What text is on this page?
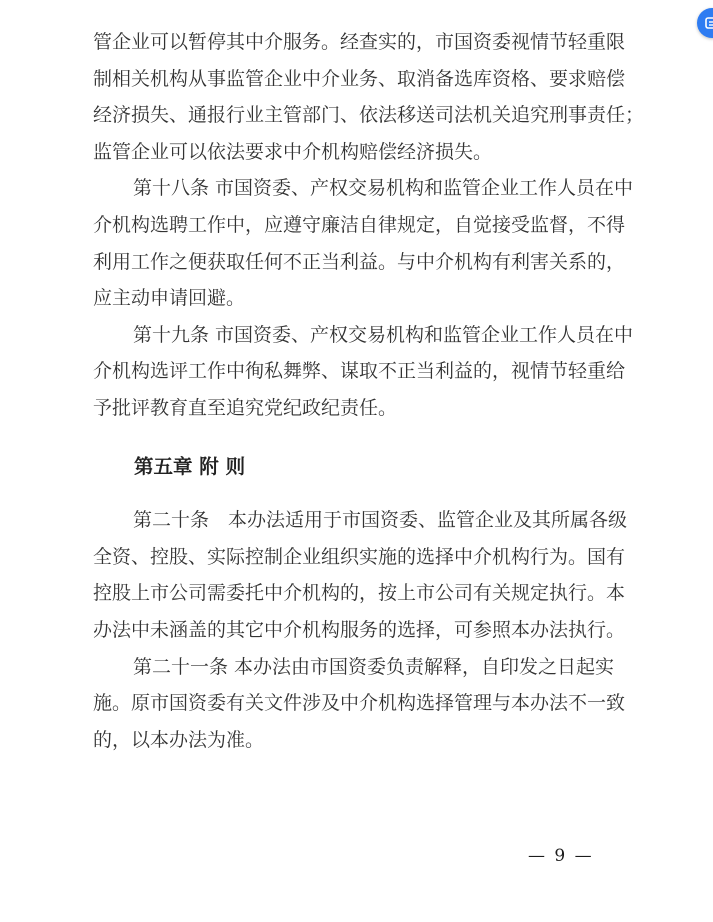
管企业可以暂停其中介服务。经查实的，市国资委视情节轻重限
制相关机构从事监管企业中介业务、取消备选库资格、要求赔偿
经济损失、通报行业主管部门、依法移送司法机关追究刑事责任；
监管企业可以依法要求中介机构赔偿经济损失。
第十八条 市国资委、产权交易机构和监管企业工作人员在中
介机构选聘工作中，应遵守廉洁自律规定，自觉接受监督，不得
利用工作之便获取任何不正当利益。与中介机构有利害关系的，
应主动申请回避。
第十九条 市国资委、产权交易机构和监管企业工作人员在中
介机构选评工作中徇私舞弊、谋取不正当利益的，视情节轻重给
予批评教育直至追究党纪政纪责任。
第五章 附 则
第二十条　本办法适用于市国资委、监管企业及其所属各级
全资、控股、实际控制企业组织实施的选择中介机构行为。国有
控股上市公司需委托中介机构的，按上市公司有关规定执行。本
办法中未涵盖的其它中介机构服务的选择，可参照本办法执行。
第二十一条 本办法由市国资委负责解释，自印发之日起实
施。原市国资委有关文件涉及中介机构选择管理与本办法不一致
的，以本办法为准。
— 9 —
